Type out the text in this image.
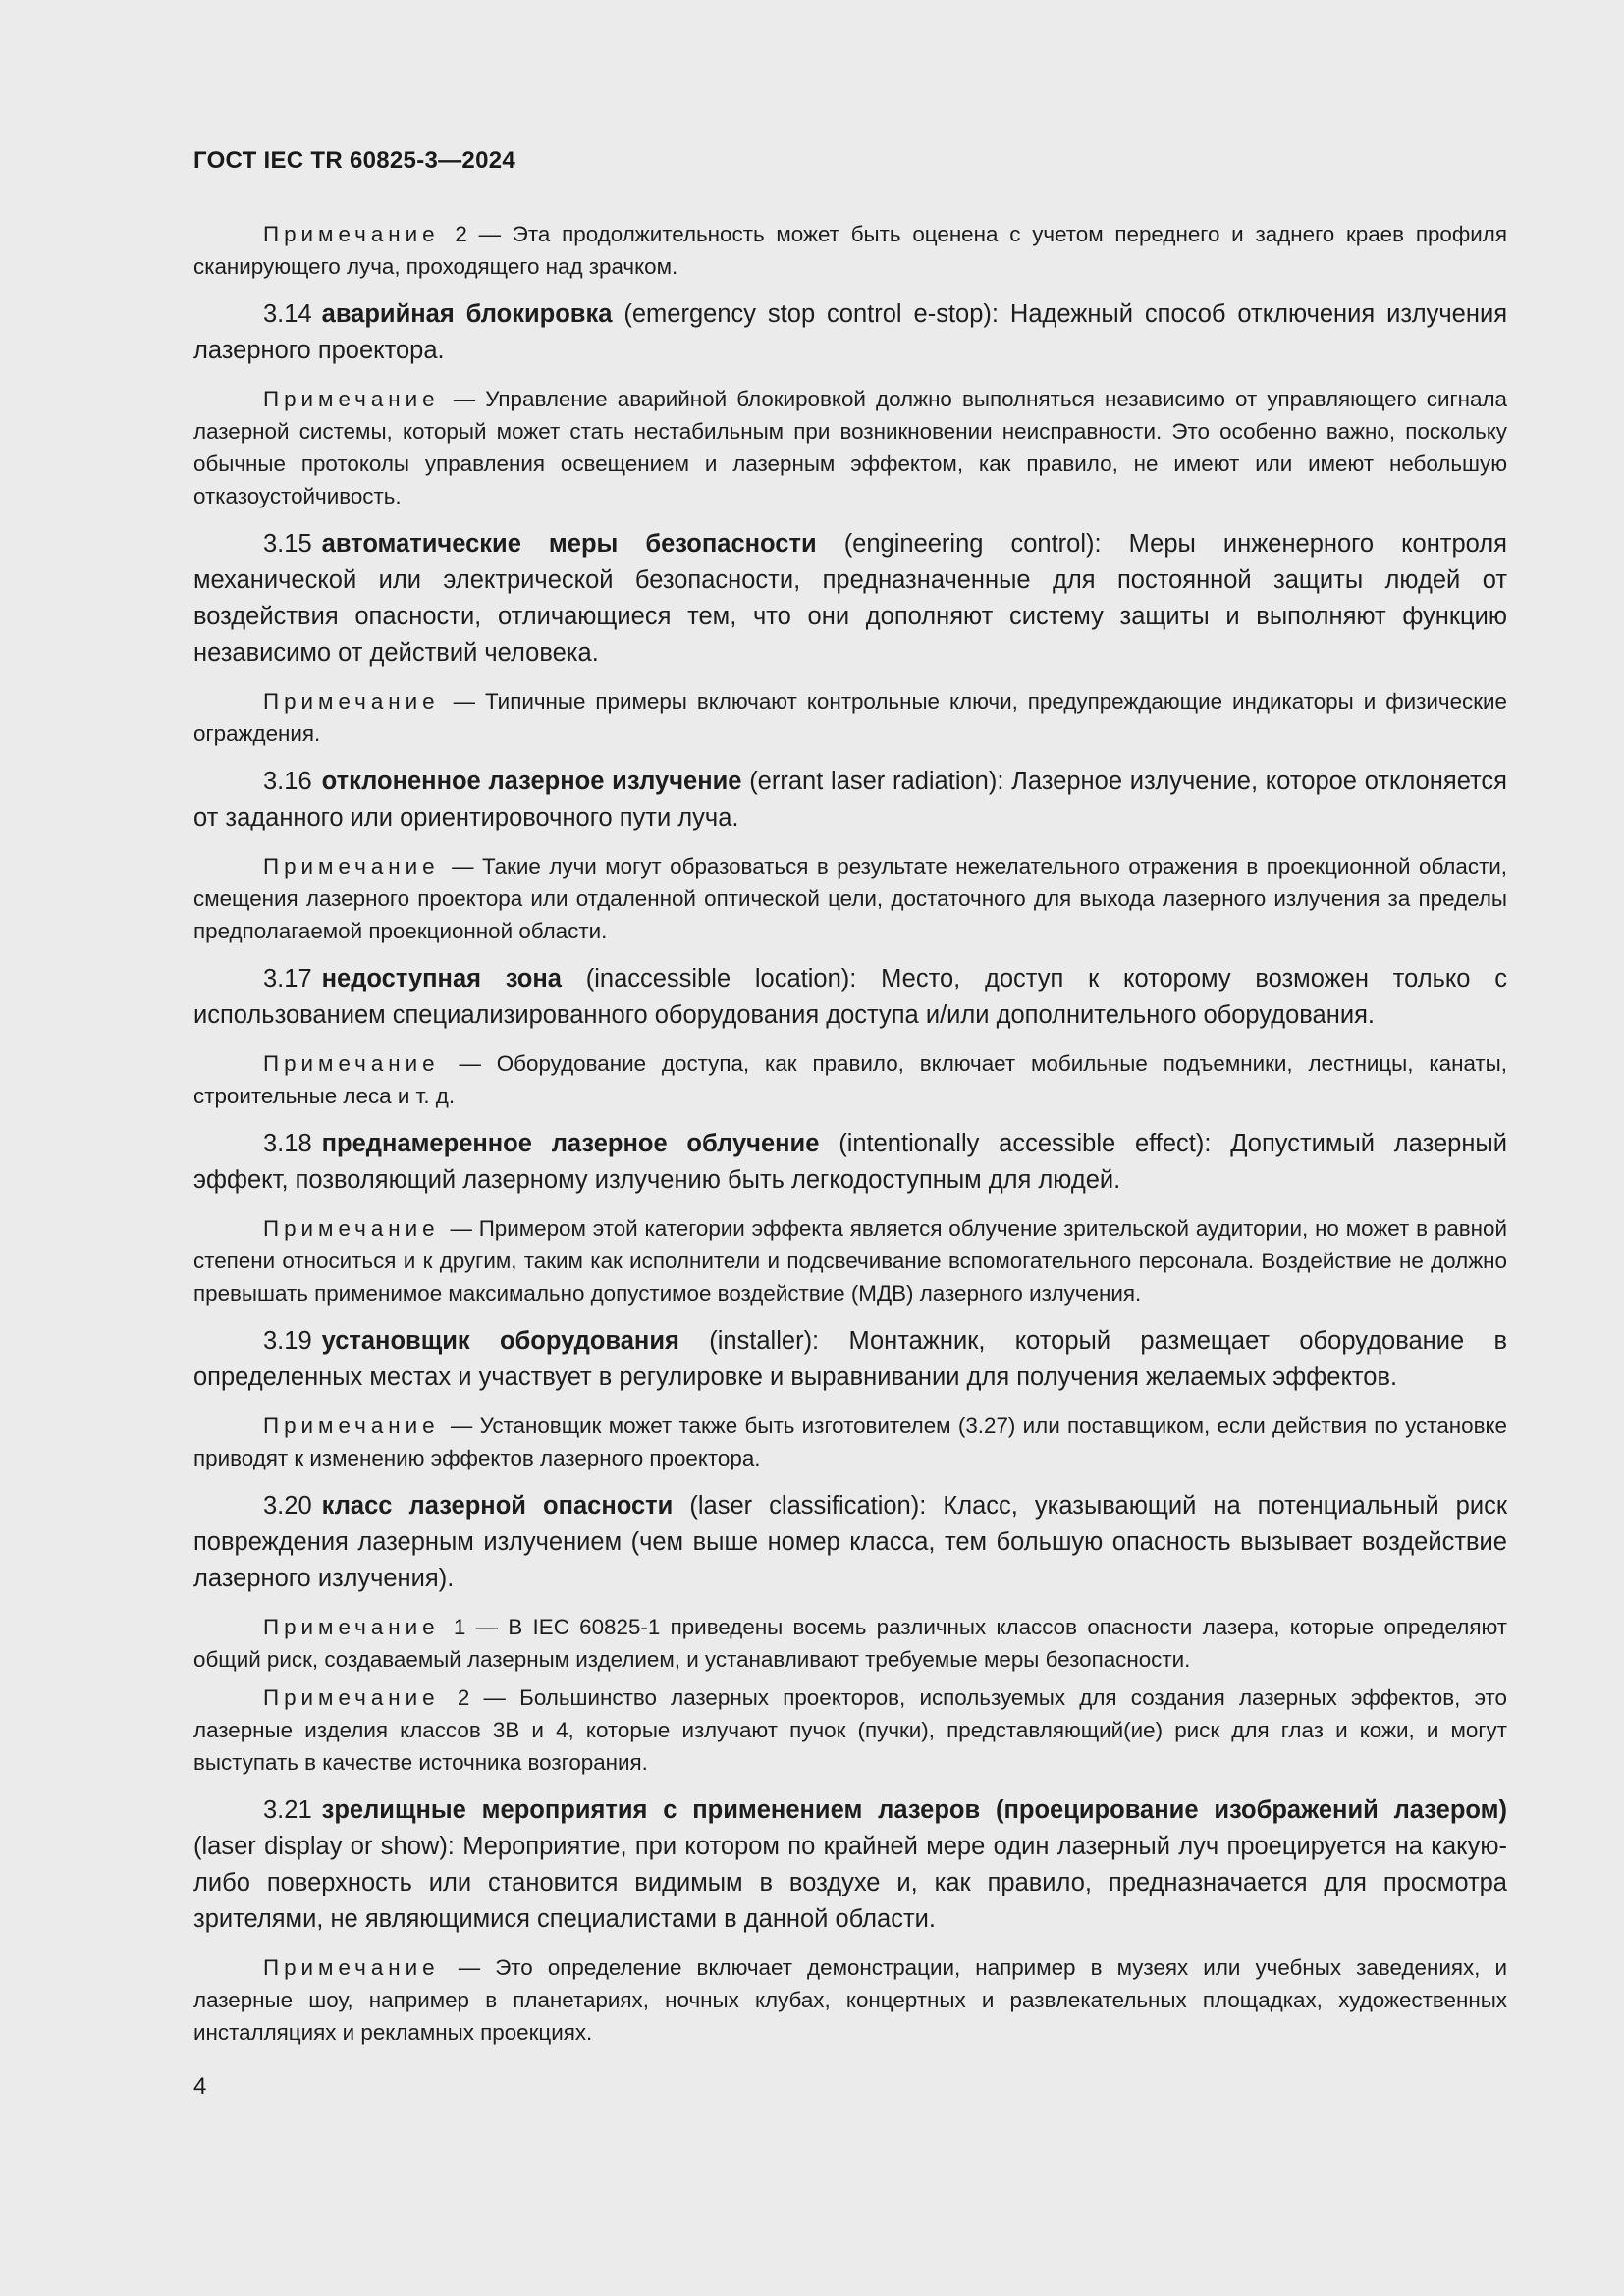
ГОСТ IEC TR 60825-3—2024

Примечание 2 — Эта продолжительность может быть оценена с учетом переднего и заднего краев профиля сканирующего луча, проходящего над зрачком.

3.14 аварийная блокировка (emergency stop control e-stop): Надежный способ отключения излучения лазерного проектора.

Примечание — Управление аварийной блокировкой должно выполняться независимо от управляющего сигнала лазерной системы, который может стать нестабильным при возникновении неисправности. Это особенно важно, поскольку обычные протоколы управления освещением и лазерным эффектом, как правило, не имеют или имеют небольшую отказоустойчивость.

3.15 автоматические меры безопасности (engineering control): Меры инженерного контроля механической или электрической безопасности, предназначенные для постоянной защиты людей от воздействия опасности, отличающиеся тем, что они дополняют систему защиты и выполняют функцию независимо от действий человека.

Примечание — Типичные примеры включают контрольные ключи, предупреждающие индикаторы и физические ограждения.

3.16 отклоненное лазерное излучение (errant laser radiation): Лазерное излучение, которое отклоняется от заданного или ориентировочного пути луча.

Примечание — Такие лучи могут образоваться в результате нежелательного отражения в проекционной области, смещения лазерного проектора или отдаленной оптической цели, достаточного для выхода лазерного излучения за пределы предполагаемой проекционной области.

3.17 недоступная зона (inaccessible location): Место, доступ к которому возможен только с использованием специализированного оборудования доступа и/или дополнительного оборудования.

Примечание — Оборудование доступа, как правило, включает мобильные подъемники, лестницы, канаты, строительные леса и т. д.

3.18 преднамеренное лазерное облучение (intentionally accessible effect): Допустимый лазерный эффект, позволяющий лазерному излучению быть легкодоступным для людей.

Примечание — Примером этой категории эффекта является облучение зрительской аудитории, но может в равной степени относиться и к другим, таким как исполнители и подсвечивание вспомогательного персонала. Воздействие не должно превышать применимое максимально допустимое воздействие (МДВ) лазерного излучения.

3.19 установщик оборудования (installer): Монтажник, который размещает оборудование в определенных местах и участвует в регулировке и выравнивании для получения желаемых эффектов.

Примечание — Установщик может также быть изготовителем (3.27) или поставщиком, если действия по установке приводят к изменению эффектов лазерного проектора.

3.20 класс лазерной опасности (laser classification): Класс, указывающий на потенциальный риск повреждения лазерным излучением (чем выше номер класса, тем большую опасность вызывает воздействие лазерного излучения).

Примечание 1 — В IEC 60825-1 приведены восемь различных классов опасности лазера, которые определяют общий риск, создаваемый лазерным изделием, и устанавливают требуемые меры безопасности.

Примечание 2 — Большинство лазерных проекторов, используемых для создания лазерных эффектов, это лазерные изделия классов 3В и 4, которые излучают пучок (пучки), представляющий(ие) риск для глаз и кожи, и могут выступать в качестве источника возгорания.

3.21 зрелищные мероприятия с применением лазеров (проецирование изображений лазером) (laser display or show): Мероприятие, при котором по крайней мере один лазерный луч проецируется на какую-либо поверхность или становится видимым в воздухе и, как правило, предназначается для просмотра зрителями, не являющимися специалистами в данной области.

Примечание — Это определение включает демонстрации, например в музеях или учебных заведениях, и лазерные шоу, например в планетариях, ночных клубах, концертных и развлекательных площадках, художественных инсталляциях и рекламных проекциях.

4
